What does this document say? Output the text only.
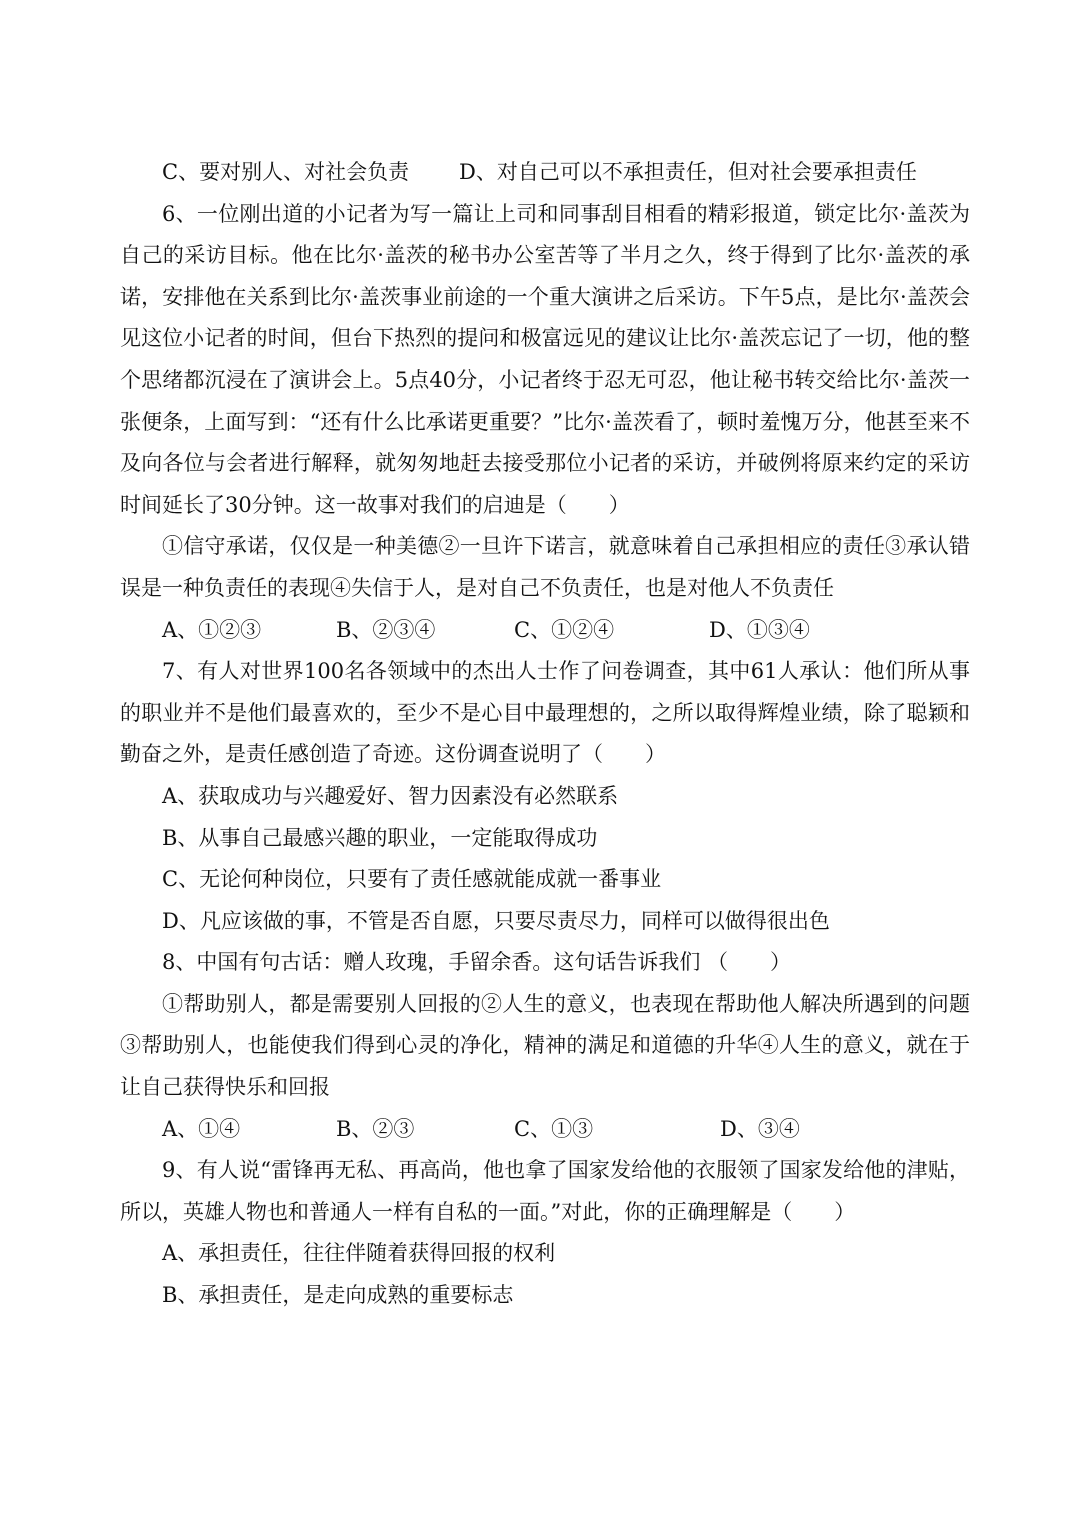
C、要对别人、对社会负责	D、对自己可以不承担责任，但对社会要承担责任

6、一位刚出道的小记者为写一篇让上司和同事刮目相看的精彩报道，锁定比尔·盖茨为自己的采访目标。他在比尔·盖茨的秘书办公室苦等了半月之久，终于得到了比尔·盖茨的承诺，安排他在关系到比尔·盖茨事业前途的一个重大演讲之后采访。下午5点，是比尔·盖茨会见这位小记者的时间，但台下热烈的提问和极富远见的建议让比尔·盖茨忘记了一切，他的整个思绪都沉浸在了演讲会上。5点40分，小记者终于忍无可忍，他让秘书转交给比尔·盖茨一张便条，上面写到：“还有什么比承诺更重要？”比尔·盖茨看了，顿时羞愧万分，他甚至来不及向各位与会者进行解释，就匆匆地赶去接受那位小记者的采访，并破例将原来约定的采访时间延长了30分钟。这一故事对我们的启迪是（　　）

①信守承诺，仅仅是一种美德②一旦许下诺言，就意味着自己承担相应的责任③承认错误是一种负责任的表现④失信于人，是对自己不负责任，也是对他人不负责任

A、①②③	B、②③④	C、①②④	D、①③④

7、有人对世界100名各领域中的杰出人士作了问卷调查，其中61人承认：他们所从事的职业并不是他们最喜欢的，至少不是心目中最理想的，之所以取得辉煌业绩，除了聪颖和勤奋之外，是责任感创造了奇迹。这份调查说明了（　　）

A、获取成功与兴趣爱好、智力因素没有必然联系
B、从事自己最感兴趣的职业，一定能取得成功
C、无论何种岗位，只要有了责任感就能成就一番事业
D、凡应该做的事，不管是否自愿，只要尽责尽力，同样可以做得很出色

8、中国有句古话：赠人玫瑰，手留余香。这句话告诉我们 （　　）

①帮助别人，都是需要别人回报的②人生的意义，也表现在帮助他人解决所遇到的问题③帮助别人，也能使我们得到心灵的净化，精神的满足和道德的升华④人生的意义，就在于让自己获得快乐和回报

A、①④	B、②③	C、①③	D、③④

9、有人说“雷锋再无私、再高尚，他也拿了国家发给他的衣服领了国家发给他的津贴，所以，英雄人物也和普通人一样有自私的一面。”对此，你的正确理解是（　　）

A、承担责任，往往伴随着获得回报的权利
B、承担责任，是走向成熟的重要标志
